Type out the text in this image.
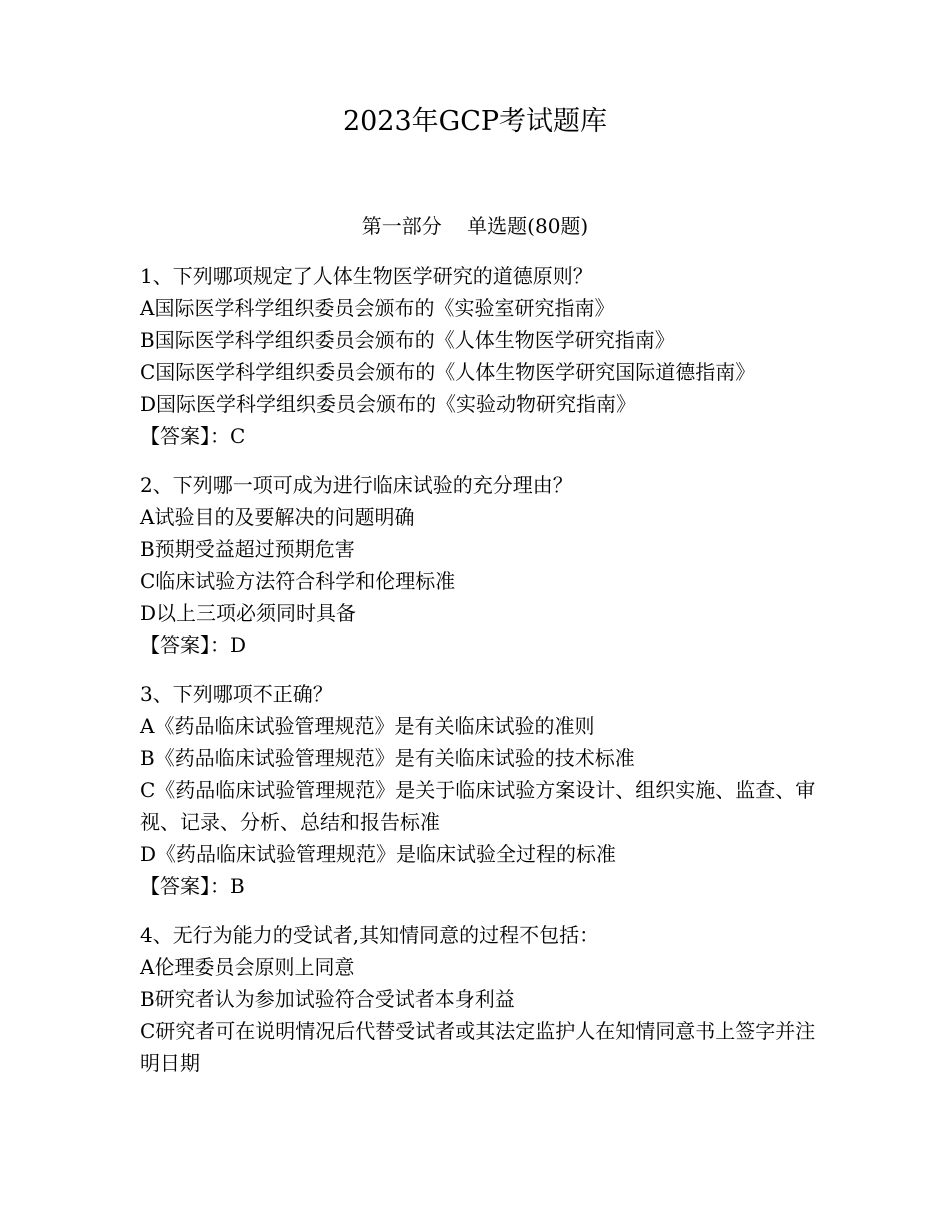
2023年GCP考试题库
第一部分    单选题(80题)
1、下列哪项规定了人体生物医学研究的道德原则？
A国际医学科学组织委员会颁布的《实验室研究指南》
B国际医学科学组织委员会颁布的《人体生物医学研究指南》
C国际医学科学组织委员会颁布的《人体生物医学研究国际道德指南》
D国际医学科学组织委员会颁布的《实验动物研究指南》
【答案】：C
2、下列哪一项可成为进行临床试验的充分理由？
A试验目的及要解决的问题明确
B预期受益超过预期危害
C临床试验方法符合科学和伦理标准
D以上三项必须同时具备
【答案】：D
3、下列哪项不正确？
A《药品临床试验管理规范》是有关临床试验的准则
B《药品临床试验管理规范》是有关临床试验的技术标准
C《药品临床试验管理规范》是关于临床试验方案设计、组织实施、监查、审视、记录、分析、总结和报告标准
D《药品临床试验管理规范》是临床试验全过程的标准
【答案】：B
4、无行为能力的受试者,其知情同意的过程不包括：
A伦理委员会原则上同意
B研究者认为参加试验符合受试者本身利益
C研究者可在说明情况后代替受试者或其法定监护人在知情同意书上签字并注明日期
